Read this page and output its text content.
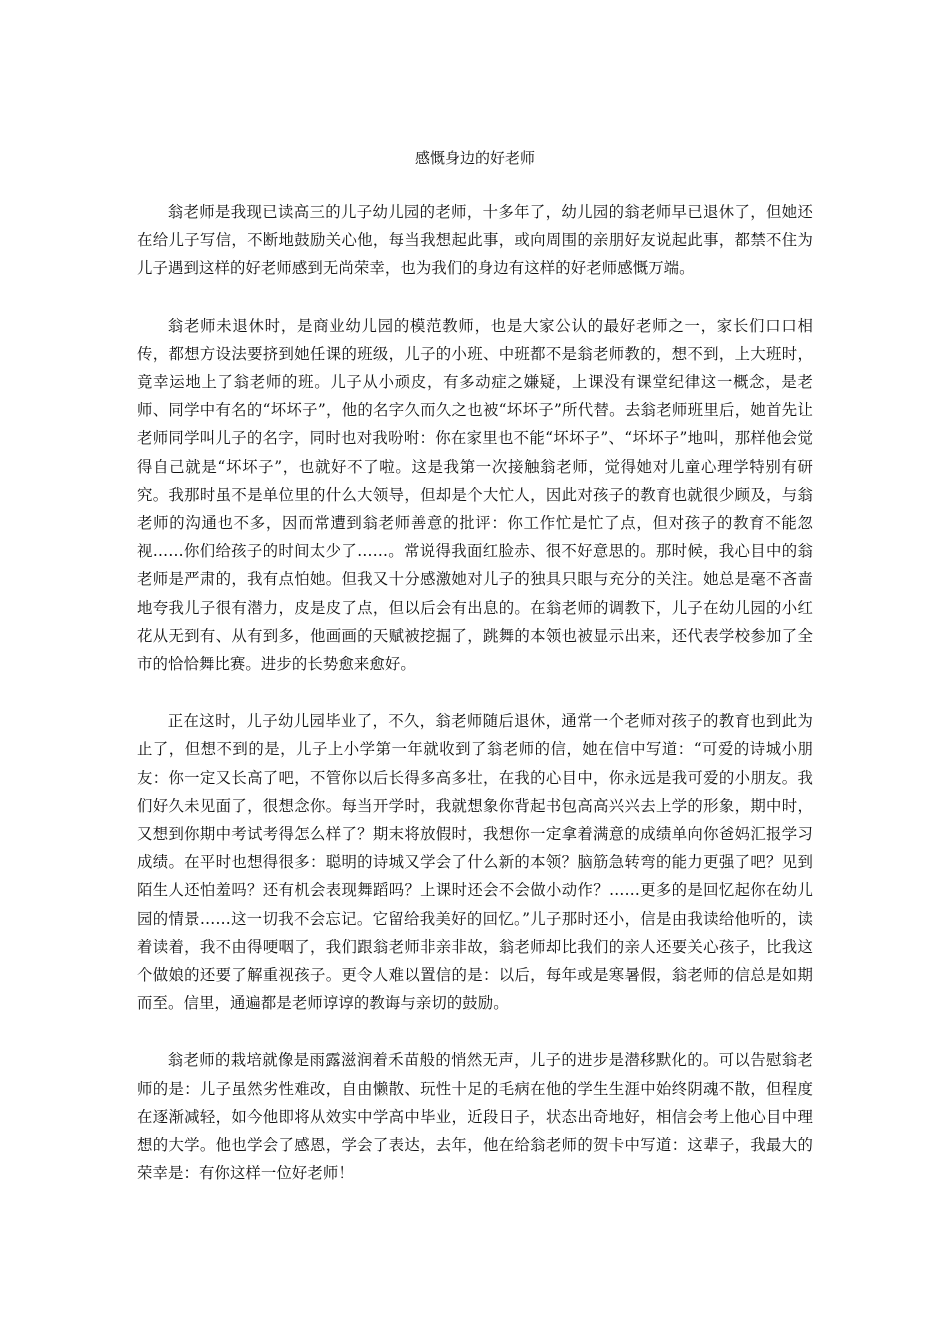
感慨身边的好老师

翁老师是我现已读高三的儿子幼儿园的老师，十多年了，幼儿园的翁老师早已退休了，但她还在给儿子写信，不断地鼓励关心他，每当我想起此事，或向周围的亲朋好友说起此事，都禁不住为儿子遇到这样的好老师感到无尚荣幸，也为我们的身边有这样的好老师感慨万端。

翁老师未退休时，是商业幼儿园的模范教师，也是大家公认的最好老师之一，家长们口口相传，都想方设法要挤到她任课的班级，儿子的小班、中班都不是翁老师教的，想不到，上大班时，竟幸运地上了翁老师的班。儿子从小顽皮，有多动症之嫌疑，上课没有课堂纪律这一概念，是老师、同学中有名的“坏坏子”，他的名字久而久之也被“坏坏子”所代替。去翁老师班里后，她首先让老师同学叫儿子的名字，同时也对我吩咐：你在家里也不能“坏坏子”、“坏坏子”地叫，那样他会觉得自己就是“坏坏子”，也就好不了啦。这是我第一次接触翁老师，觉得她对儿童心理学特别有研究。我那时虽不是单位里的什么大领导，但却是个大忙人，因此对孩子的教育也就很少顾及，与翁老师的沟通也不多，因而常遭到翁老师善意的批评：你工作忙是忙了点，但对孩子的教育不能忽视……你们给孩子的时间太少了……。常说得我面红脸赤、很不好意思的。那时候，我心目中的翁老师是严肃的，我有点怕她。但我又十分感激她对儿子的独具只眼与充分的关注。她总是毫不吝啬地夸我儿子很有潜力，皮是皮了点，但以后会有出息的。在翁老师的调教下，儿子在幼儿园的小红花从无到有、从有到多，他画画的天赋被挖掘了，跳舞的本领也被显示出来，还代表学校参加了全市的恰恰舞比赛。进步的长势愈来愈好。

正在这时，儿子幼儿园毕业了，不久，翁老师随后退休，通常一个老师对孩子的教育也到此为止了，但想不到的是，儿子上小学第一年就收到了翁老师的信，她在信中写道：“可爱的诗城小朋友：你一定又长高了吧，不管你以后长得多高多壮，在我的心目中，你永远是我可爱的小朋友。我们好久未见面了，很想念你。每当开学时，我就想象你背起书包高高兴兴去上学的形象，期中时，又想到你期中考试考得怎么样了？期末将放假时，我想你一定拿着满意的成绩单向你爸妈汇报学习成绩。在平时也想得很多：聪明的诗城又学会了什么新的本领？脑筋急转弯的能力更强了吧？见到陌生人还怕羞吗？还有机会表现舞蹈吗？上课时还会不会做小动作？……更多的是回忆起你在幼儿园的情景……这一切我不会忘记。它留给我美好的回忆。”儿子那时还小，信是由我读给他听的，读着读着，我不由得哽咽了，我们跟翁老师非亲非故，翁老师却比我们的亲人还要关心孩子，比我这个做娘的还要了解重视孩子。更令人难以置信的是：以后，每年或是寒暑假，翁老师的信总是如期而至。信里，通遍都是老师谆谆的教诲与亲切的鼓励。

翁老师的栽培就像是雨露滋润着禾苗般的悄然无声，儿子的进步是潜移默化的。可以告慰翁老师的是：儿子虽然劣性难改，自由懒散、玩性十足的毛病在他的学生生涯中始终阴魂不散，但程度在逐渐减轻，如今他即将从效实中学高中毕业，近段日子，状态出奇地好，相信会考上他心目中理想的大学。他也学会了感恩，学会了表达，去年，他在给翁老师的贺卡中写道：这辈子，我最大的荣幸是：有你这样一位好老师！
